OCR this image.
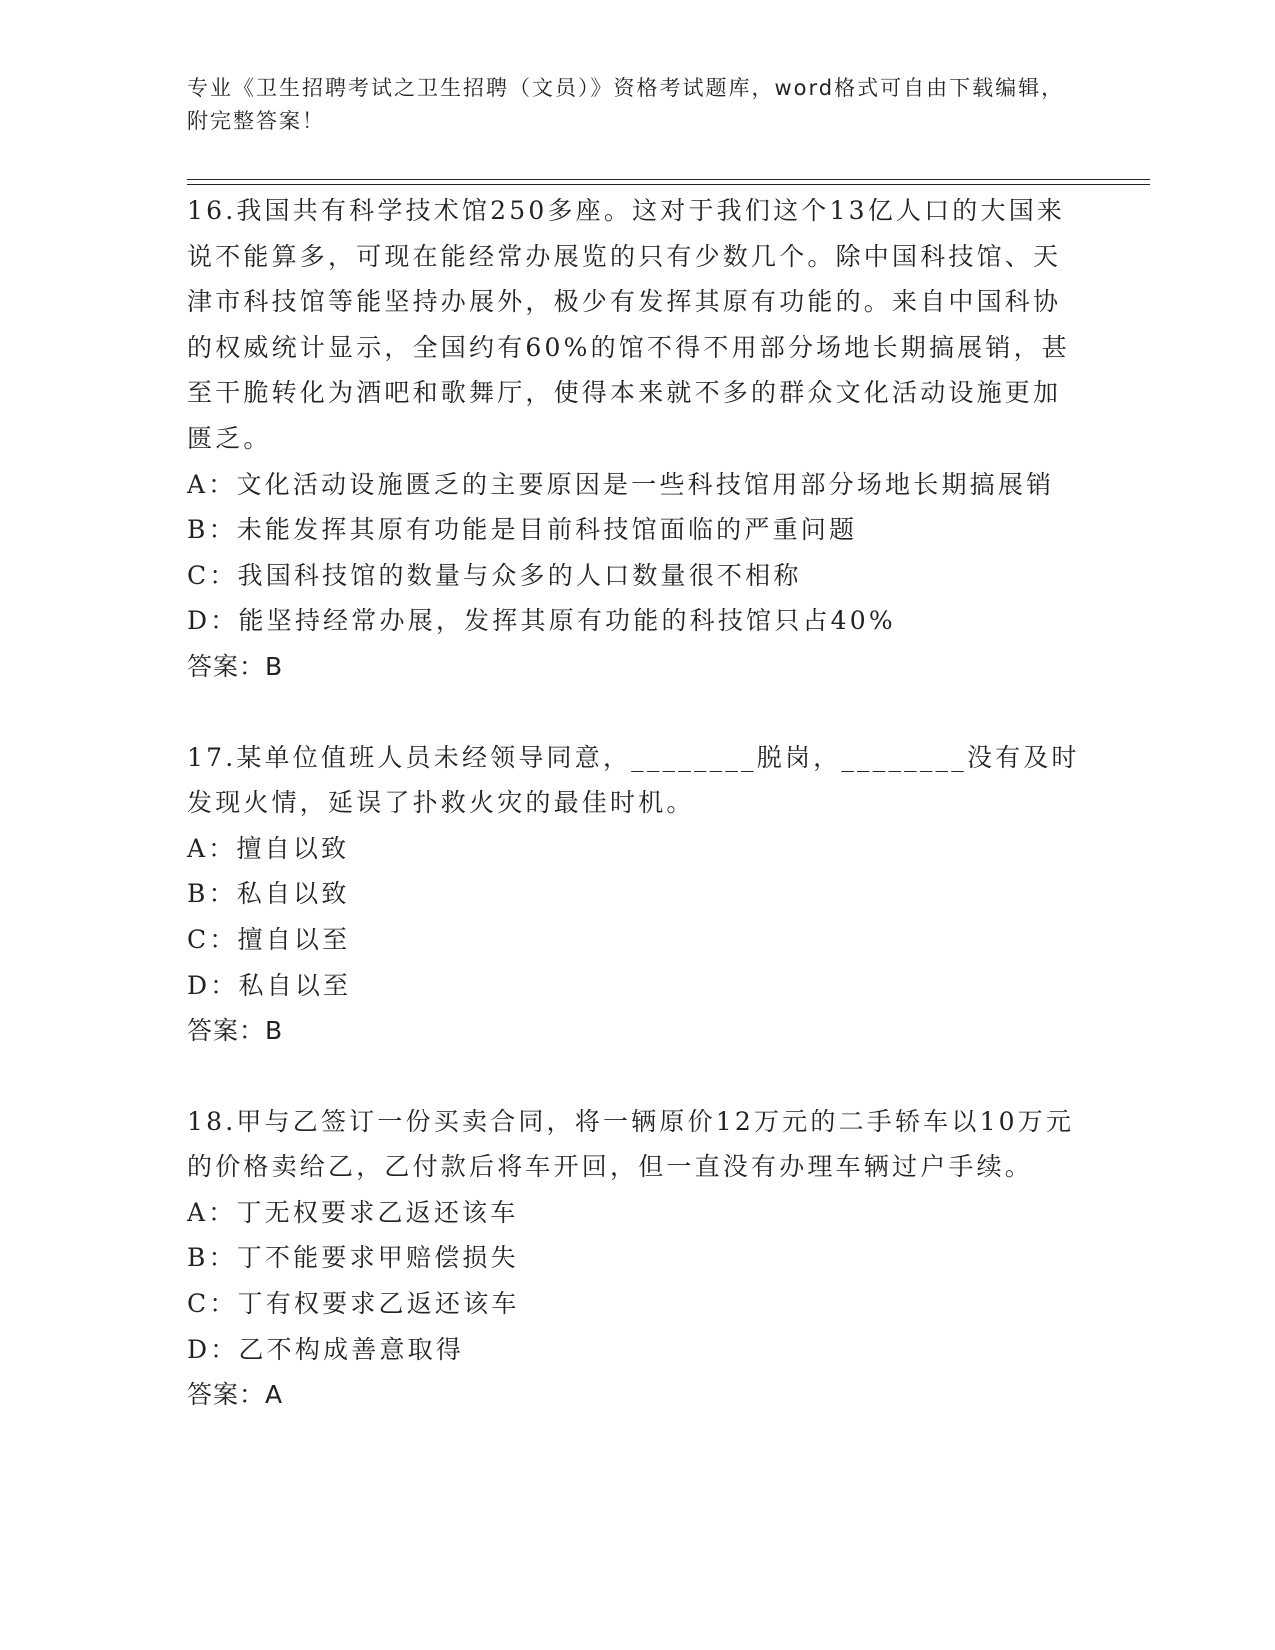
专业《卫生招聘考试之卫生招聘（文员）》资格考试题库，word格式可自由下载编辑，附完整答案！

16.我国共有科学技术馆250多座。这对于我们这个13亿人口的大国来说不能算多，可现在能经常办展览的只有少数几个。除中国科技馆、天津市科技馆等能坚持办展外，极少有发挥其原有功能的。来自中国科协的权威统计显示，全国约有60%的馆不得不用部分场地长期搞展销，甚至干脆转化为酒吧和歌舞厅，使得本来就不多的群众文化活动设施更加匮乏。

A：文化活动设施匮乏的主要原因是一些科技馆用部分场地长期搞展销

B：未能发挥其原有功能是目前科技馆面临的严重问题

C：我国科技馆的数量与众多的人口数量很不相称

D：能坚持经常办展，发挥其原有功能的科技馆只占40%

答案：B

17.某单位值班人员未经领导同意，________脱岗，________没有及时发现火情，延误了扑救火灾的最佳时机。

A：擅自以致

B：私自以致

C：擅自以至

D：私自以至

答案：B

18.甲与乙签订一份买卖合同，将一辆原价12万元的二手轿车以10万元的价格卖给乙，乙付款后将车开回，但一直没有办理车辆过户手续。

A：丁无权要求乙返还该车

B：丁不能要求甲赔偿损失

C：丁有权要求乙返还该车

D：乙不构成善意取得

答案：A
